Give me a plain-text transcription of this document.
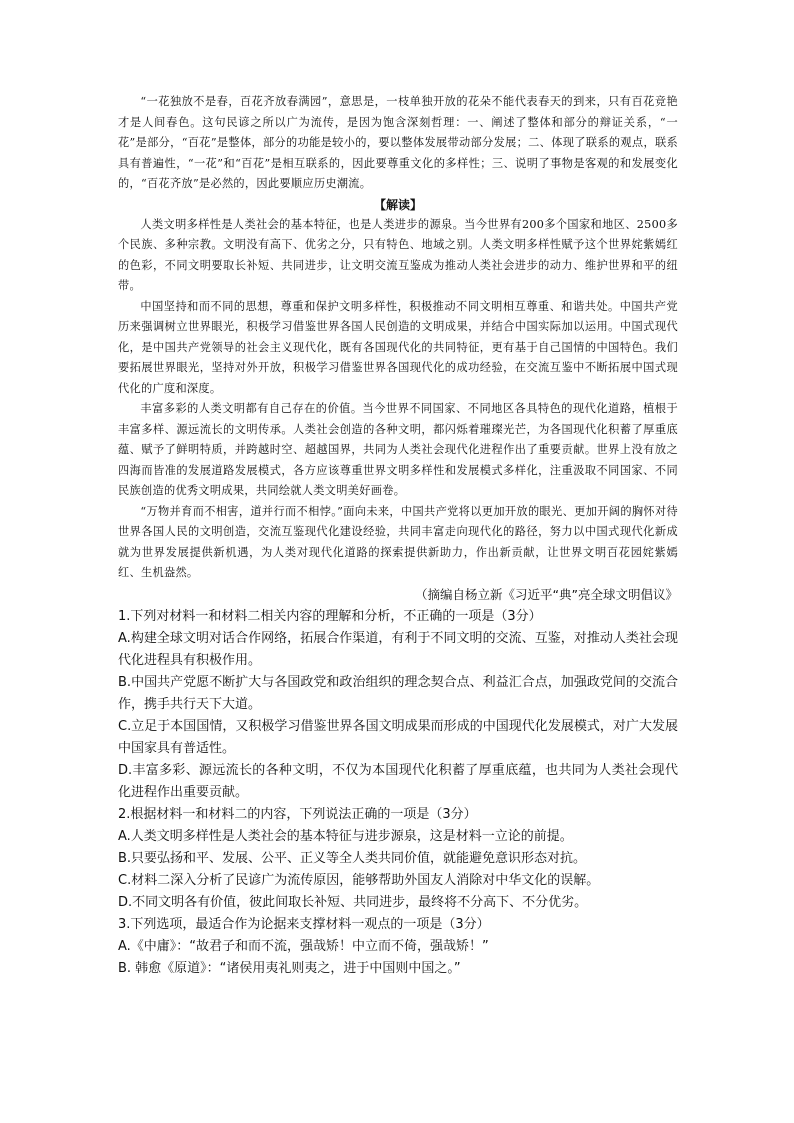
“一花独放不是春，百花齐放春满园”，意思是，一枝单独开放的花朵不能代表春天的到来，只有百花竞艳才是人间春色。这句民谚之所以广为流传，是因为饱含深刻哲理：一、阐述了整体和部分的辩证关系，“一花”是部分，“百花”是整体，部分的功能是较小的，要以整体发展带动部分发展；二、体现了联系的观点，联系具有普遍性，“一花”和“百花”是相互联系的，因此要尊重文化的多样性；三、说明了事物是客观的和发展变化的，“百花齐放”是必然的，因此要顺应历史潮流。

【解读】

人类文明多样性是人类社会的基本特征，也是人类进步的源泉。当今世界有200多个国家和地区、2500多个民族、多种宗教。文明没有高下、优劣之分，只有特色、地域之别。人类文明多样性赋予这个世界姹紫嫣红的色彩，不同文明要取长补短、共同进步，让文明交流互鉴成为推动人类社会进步的动力、维护世界和平的纽带。

中国坚持和而不同的思想，尊重和保护文明多样性，积极推动不同文明相互尊重、和谐共处。中国共产党历来强调树立世界眼光，积极学习借鉴世界各国人民创造的文明成果，并结合中国实际加以运用。中国式现代化，是中国共产党领导的社会主义现代化，既有各国现代化的共同特征，更有基于自己国情的中国特色。我们要拓展世界眼光，坚持对外开放，积极学习借鉴世界各国现代化的成功经验，在交流互鉴中不断拓展中国式现代化的广度和深度。

丰富多彩的人类文明都有自己存在的价值。当今世界不同国家、不同地区各具特色的现代化道路，植根于丰富多样、源远流长的文明传承。人类社会创造的各种文明，都闪烁着璀璨光芒，为各国现代化积蓄了厚重底蕴、赋予了鲜明特质，并跨越时空、超越国界，共同为人类社会现代化进程作出了重要贡献。世界上没有放之四海而皆准的发展道路发展模式，各方应该尊重世界文明多样性和发展模式多样化，注重汲取不同国家、不同民族创造的优秀文明成果，共同绘就人类文明美好画卷。

“万物并育而不相害，道并行而不相悖。”面向未来，中国共产党将以更加开放的眼光、更加开阔的胸怀对待世界各国人民的文明创造，交流互鉴现代化建设经验，共同丰富走向现代化的路径，努力以中国式现代化新成就为世界发展提供新机遇，为人类对现代化道路的探索提供新助力，作出新贡献，让世界文明百花园姹紫嫣红、生机盎然。

（摘编自杨立新《习近平“典”亮全球文明倡议》

1.下列对材料一和材料二相关内容的理解和分析，不正确的一项是（3分）

A.构建全球文明对话合作网络，拓展合作渠道，有利于不同文明的交流、互鉴，对推动人类社会现代化进程具有积极作用。

B.中国共产党愿不断扩大与各国政党和政治组织的理念契合点、利益汇合点，加强政党间的交流合作，携手共行天下大道。

C.立足于本国国情，又积极学习借鉴世界各国文明成果而形成的中国现代化发展模式，对广大发展中国家具有普适性。

D.丰富多彩、源远流长的各种文明，不仅为本国现代化积蓄了厚重底蕴，也共同为人类社会现代化进程作出重要贡献。

2.根据材料一和材料二的内容，下列说法正确的一项是（3分）

A.人类文明多样性是人类社会的基本特征与进步源泉，这是材料一立论的前提。

B.只要弘扬和平、发展、公平、正义等全人类共同价值，就能避免意识形态对抗。

C.材料二深入分析了民谚广为流传原因，能够帮助外国友人消除对中华文化的误解。

D.不同文明各有价值，彼此间取长补短、共同进步，最终将不分高下、不分优劣。

3.下列选项，最适合作为论据来支撑材料一观点的一项是（3分）

A.《中庸》：“故君子和而不流，强哉矫！中立而不倚，强哉矫！”

B. 韩愈《原道》：“诸侯用夷礼则夷之，进于中国则中国之。”
